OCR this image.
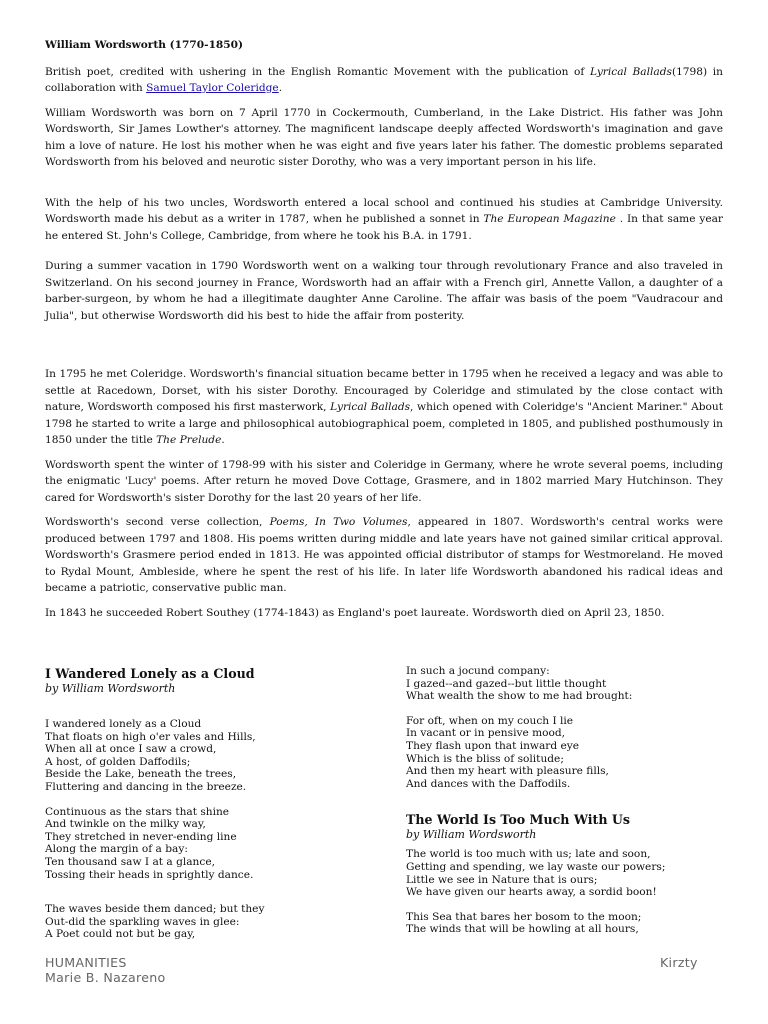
William Wordsworth (1770-1850)

British poet, credited with ushering in the English Romantic Movement with the publication of Lyrical Ballads(1798) in collaboration with Samuel Taylor Coleridge.

William Wordsworth was born on 7 April 1770 in Cockermouth, Cumberland, in the Lake District. His father was John Wordsworth, Sir James Lowther's attorney. The magnificent landscape deeply affected Wordsworth's imagination and gave him a love of nature. He lost his mother when he was eight and five years later his father. The domestic problems separated Wordsworth from his beloved and neurotic sister Dorothy, who was a very important person in his life.

With the help of his two uncles, Wordsworth entered a local school and continued his studies at Cambridge University. Wordsworth made his debut as a writer in 1787, when he published a sonnet in The European Magazine . In that same year he entered St. John's College, Cambridge, from where he took his B.A. in 1791.

During a summer vacation in 1790 Wordsworth went on a walking tour through revolutionary France and also traveled in Switzerland. On his second journey in France, Wordsworth had an affair with a French girl, Annette Vallon, a daughter of a barber-surgeon, by whom he had a illegitimate daughter Anne Caroline. The affair was basis of the poem "Vaudracour and Julia", but otherwise Wordsworth did his best to hide the affair from posterity.

In 1795 he met Coleridge. Wordsworth's financial situation became better in 1795 when he received a legacy and was able to settle at Racedown, Dorset, with his sister Dorothy. Encouraged by Coleridge and stimulated by the close contact with nature, Wordsworth composed his first masterwork, Lyrical Ballads, which opened with Coleridge's "Ancient Mariner." About 1798 he started to write a large and philosophical autobiographical poem, completed in 1805, and published posthumously in 1850 under the title The Prelude.

Wordsworth spent the winter of 1798-99 with his sister and Coleridge in Germany, where he wrote several poems, including the enigmatic 'Lucy' poems. After return he moved Dove Cottage, Grasmere, and in 1802 married Mary Hutchinson. They cared for Wordsworth's sister Dorothy for the last 20 years of her life.

Wordsworth's second verse collection, Poems, In Two Volumes, appeared in 1807. Wordsworth's central works were produced between 1797 and 1808. His poems written during middle and late years have not gained similar critical approval. Wordsworth's Grasmere period ended in 1813. He was appointed official distributor of stamps for Westmoreland. He moved to Rydal Mount, Ambleside, where he spent the rest of his life. In later life Wordsworth abandoned his radical ideas and became a patriotic, conservative public man.

In 1843 he succeeded Robert Southey (1774-1843) as England's poet laureate. Wordsworth died on April 23, 1850.

I Wandered Lonely as a Cloud
by William Wordsworth
I wandered lonely as a Cloud
That floats on high o'er vales and Hills,
When all at once I saw a crowd,
A host, of golden Daffodils;
Beside the Lake, beneath the trees,
Fluttering and dancing in the breeze.
Continuous as the stars that shine
And twinkle on the milky way,
They stretched in never-ending line
Along the margin of a bay:
Ten thousand saw I at a glance,
Tossing their heads in sprightly dance.
The waves beside them danced; but they
Out-did the sparkling waves in glee:
A Poet could not but be gay,
In such a jocund company:
I gazed--and gazed--but little thought
What wealth the show to me had brought:
For oft, when on my couch I lie
In vacant or in pensive mood,
They flash upon that inward eye
Which is the bliss of solitude;
And then my heart with pleasure fills,
And dances with the Daffodils.
The World Is Too Much With Us
by William Wordsworth
The world is too much with us; late and soon,
Getting and spending, we lay waste our powers;
Little we see in Nature that is ours;
We have given our hearts away, a sordid boon!
This Sea that bares her bosom to the moon;
The winds that will be howling at all hours,
HUMANITIES
Marie B. Nazareno
Kirzty
